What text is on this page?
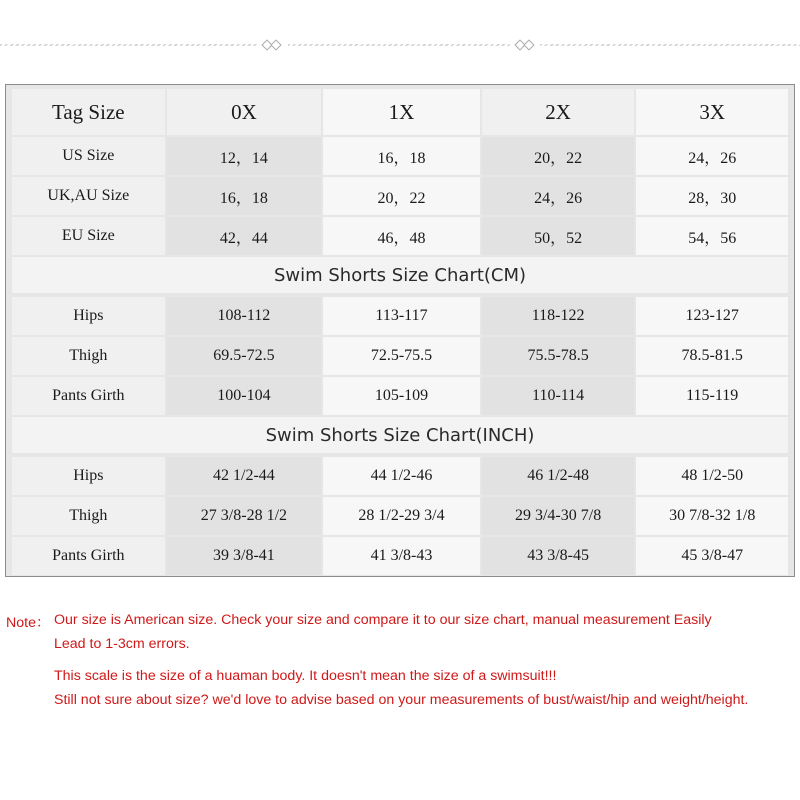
Tag Size	0X	1X	2X	3X
US Size	12，14	16，18	20，22	24，26
UK,AU Size	16，18	20，22	24，26	28，30
EU Size	42，44	46，48	50，52	54，56
Swim Shorts Size Chart(CM)
Hips	108-112	113-117	118-122	123-127
Thigh	69.5-72.5	72.5-75.5	75.5-78.5	78.5-81.5
Pants Girth	100-104	105-109	110-114	115-119
Swim Shorts Size Chart(INCH)
Hips	42 1/2-44	44 1/2-46	46 1/2-48	48 1/2-50
Thigh	27 3/8-28 1/2	28 1/2-29 3/4	29 3/4-30 7/8	30 7/8-32 1/8
Pants Girth	39 3/8-41	41 3/8-43	43 3/8-45	45 3/8-47
Note： Our size is American size. Check your size and compare it to our size chart, manual measurement Easily
Lead to 1-3cm errors.
This scale is the size of a huaman body. It doesn't mean the size of a swimsuit!!!
Still not sure about size? we'd love to advise based on your measurements of bust/waist/hip and weight/height.
